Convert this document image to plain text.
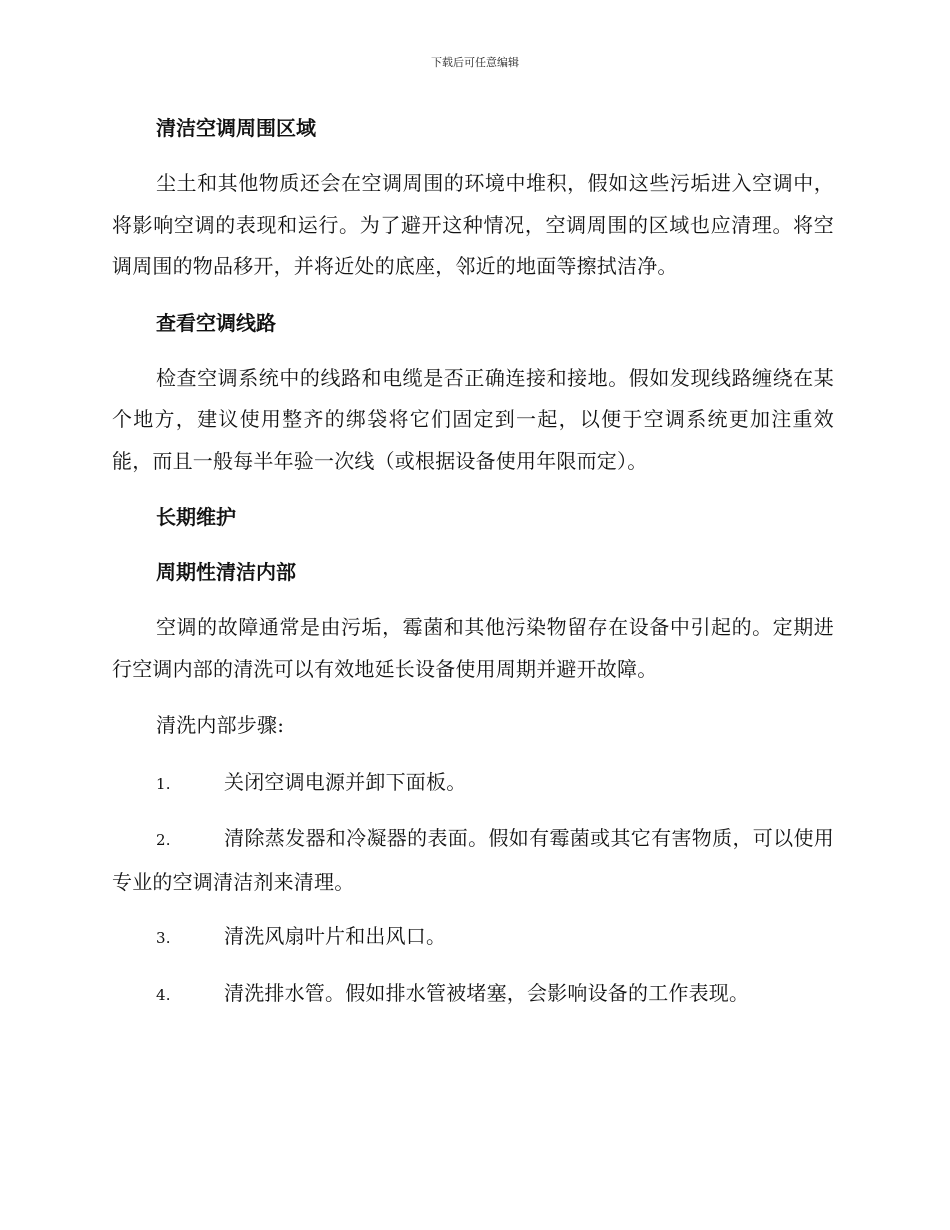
下载后可任意编辑
清洁空调周围区域
尘土和其他物质还会在空调周围的环境中堆积，假如这些污垢进入空调中，将影响空调的表现和运行。为了避开这种情况，空调周围的区域也应清理。将空调周围的物品移开，并将近处的底座，邻近的地面等擦拭洁净。
查看空调线路
检查空调系统中的线路和电缆是否正确连接和接地。假如发现线路缠绕在某个地方，建议使用整齐的绑袋将它们固定到一起，以便于空调系统更加注重效能，而且一般每半年验一次线（或根据设备使用年限而定）。
长期维护
周期性清洁内部
空调的故障通常是由污垢，霉菌和其他污染物留存在设备中引起的。定期进行空调内部的清洗可以有效地延长设备使用周期并避开故障。
清洗内部步骤:
1.	关闭空调电源并卸下面板。
2.	清除蒸发器和冷凝器的表面。假如有霉菌或其它有害物质，可以使用专业的空调清洁剂来清理。
3.	清洗风扇叶片和出风口。
4.	清洗排水管。假如排水管被堵塞，会影响设备的工作表现。
